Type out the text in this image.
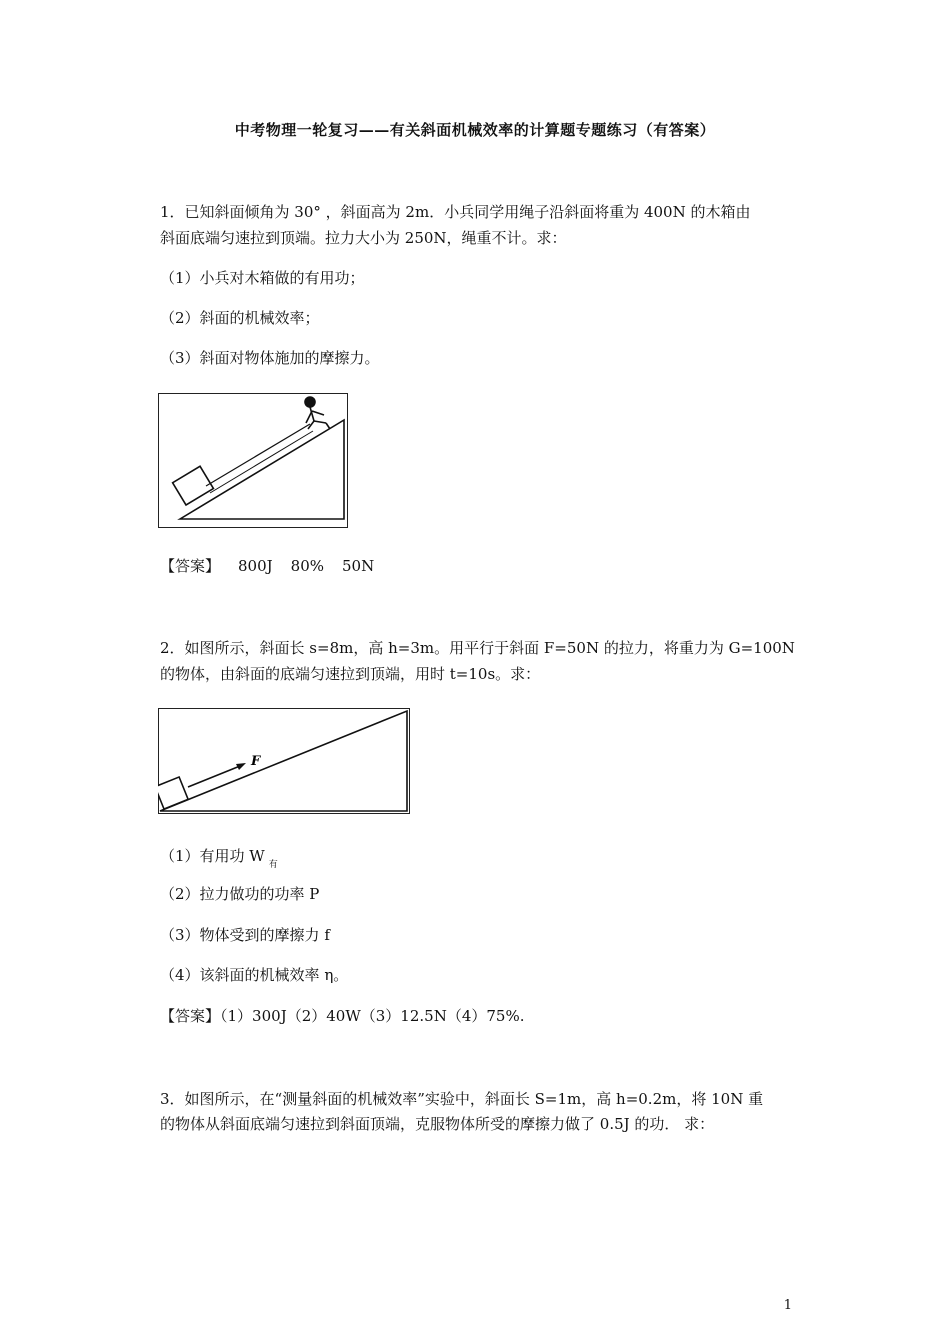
中考物理一轮复习——有关斜面机械效率的计算题专题练习（有答案）
1．已知斜面倾角为 30° ，斜面高为 2m．小兵同学用绳子沿斜面将重为 400N 的木箱由
斜面底端匀速拉到顶端。拉力大小为 250N，绳重不计。求：
（1）小兵对木箱做的有用功；
（2）斜面的机械效率；
（3）斜面对物体施加的摩擦力。
【答案】 800J 80% 50N
2．如图所示，斜面长 s=8m，高 h=3m。用平行于斜面 F=50N 的拉力，将重力为 G=100N
的物体，由斜面的底端匀速拉到顶端，用时 t=10s。求：
F
（1）有用功 W $_有$
（2）拉力做功的功率 P
（3）物体受到的摩擦力 f
（4）该斜面的机械效率 η。
【答案】（1）300J（2）40W（3）12.5N（4）75%.
3．如图所示，在“测量斜面的机械效率”实验中，斜面长 S=1m，高 h=0.2m，将 10N 重
的物体从斜面底端匀速拉到斜面顶端，克服物体所受的摩擦力做了 0.5J 的功． 求：
1
